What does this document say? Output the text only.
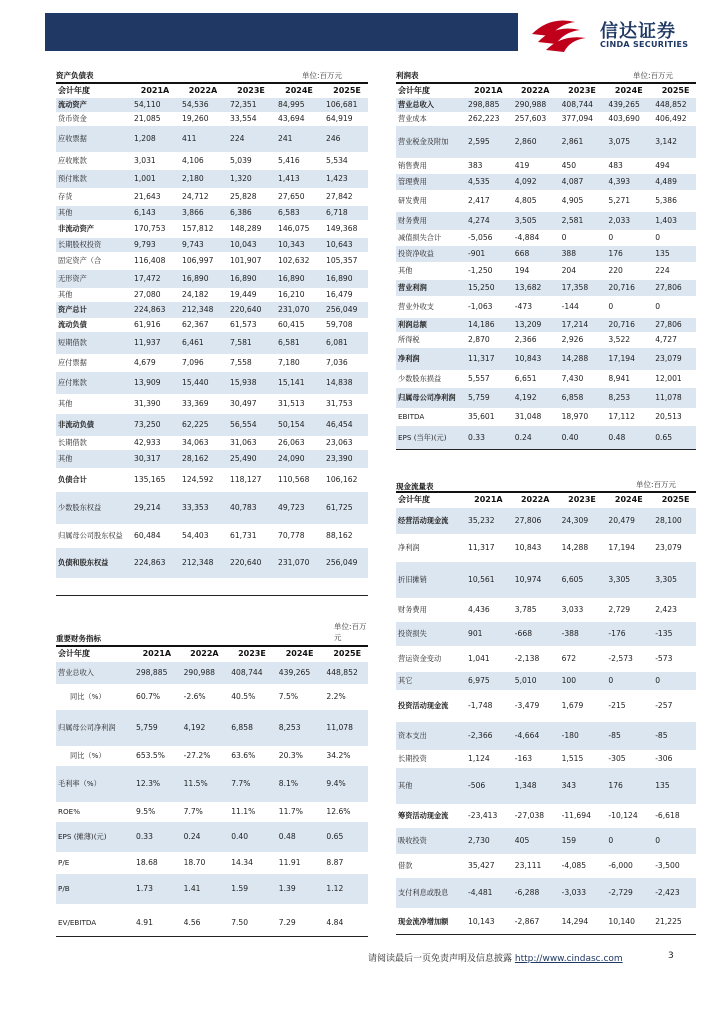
信达证券
CINDA SECURITIES
资产负债表	单位:百万元
会计年度	2021A	2022A	2023E	2024E	2025E
流动资产	54,110	54,536	72,351	84,995	106,681
货币资金	21,085	19,260	33,554	43,694	64,919
应收票据	1,208	411	224	241	246
应收账款	3,031	4,106	5,039	5,416	5,534
预付账款	1,001	2,180	1,320	1,413	1,423
存货	21,643	24,712	25,828	27,650	27,842
其他	6,143	3,866	6,386	6,583	6,718
非流动资产	170,753	157,812	148,289	146,075	149,368
长期股权投资	9,793	9,743	10,043	10,343	10,643
固定资产（合	116,408	106,997	101,907	102,632	105,357
无形资产	17,472	16,890	16,890	16,890	16,890
其他	27,080	24,182	19,449	16,210	16,479
资产总计	224,863	212,348	220,640	231,070	256,049
流动负债	61,916	62,367	61,573	60,415	59,708
短期借款	11,937	6,461	7,581	6,581	6,081
应付票据	4,679	7,096	7,558	7,180	7,036
应付账款	13,909	15,440	15,938	15,141	14,838
其他	31,390	33,369	30,497	31,513	31,753
非流动负债	73,250	62,225	56,554	50,154	46,454
长期借款	42,933	34,063	31,063	26,063	23,063
其他	30,317	28,162	25,490	24,090	23,390
负债合计	135,165	124,592	118,127	110,568	106,162
少数股东权益	29,214	33,353	40,783	49,723	61,725
归属母公司股东权益	60,484	54,403	61,731	70,778	88,162
负债和股东权益	224,863	212,348	220,640	231,070	256,049
单位:百万元
重要财务指标
会计年度	2021A	2022A	2023E	2024E	2025E
营业总收入	298,885	290,988	408,744	439,265	448,852
同比（%）	60.7%	-2.6%	40.5%	7.5%	2.2%
归属母公司净利润	5,759	4,192	6,858	8,253	11,078
同比（%）	653.5%	-27.2%	63.6%	20.3%	34.2%
毛利率（%）	12.3%	11.5%	7.7%	8.1%	9.4%
ROE%	9.5%	7.7%	11.1%	11.7%	12.6%
EPS (摊薄)(元)	0.33	0.24	0.40	0.48	0.65
P/E	18.68	18.70	14.34	11.91	8.87
P/B	1.73	1.41	1.59	1.39	1.12
EV/EBITDA	4.91	4.56	7.50	7.29	4.84
利润表	单位:百万元
会计年度	2021A	2022A	2023E	2024E	2025E
营业总收入	298,885	290,988	408,744	439,265	448,852
营业成本	262,223	257,603	377,094	403,690	406,492
营业税金及附加	2,595	2,860	2,861	3,075	3,142
销售费用	383	419	450	483	494
管理费用	4,535	4,092	4,087	4,393	4,489
研发费用	2,417	4,805	4,905	5,271	5,386
财务费用	4,274	3,505	2,581	2,033	1,403
减值损失合计	-5,056	-4,884	0	0	0
投资净收益	-901	668	388	176	135
其他	-1,250	194	204	220	224
营业利润	15,250	13,682	17,358	20,716	27,806
营业外收支	-1,063	-473	-144	0	0
利润总额	14,186	13,209	17,214	20,716	27,806
所得税	2,870	2,366	2,926	3,522	4,727
净利润	11,317	10,843	14,288	17,194	23,079
少数股东损益	5,557	6,651	7,430	8,941	12,001
归属母公司净利润	5,759	4,192	6,858	8,253	11,078
EBITDA	35,601	31,048	18,970	17,112	20,513
EPS (当年)(元)	0.33	0.24	0.40	0.48	0.65
现金流量表	单位:百万元
会计年度	2021A	2022A	2023E	2024E	2025E
经营活动现金流	35,232	27,806	24,309	20,479	28,100
净利润	11,317	10,843	14,288	17,194	23,079
折旧摊销	10,561	10,974	6,605	3,305	3,305
财务费用	4,436	3,785	3,033	2,729	2,423
投资损失	901	-668	-388	-176	-135
营运资金变动	1,041	-2,138	672	-2,573	-573
其它	6,975	5,010	100	0	0
投资活动现金流	-1,748	-3,479	1,679	-215	-257
资本支出	-2,366	-4,664	-180	-85	-85
长期投资	1,124	-163	1,515	-305	-306
其他	-506	1,348	343	176	135
筹资活动现金流	-23,413	-27,038	-11,694	-10,124	-6,618
吸收投资	2,730	405	159	0	0
借款	35,427	23,111	-4,085	-6,000	-3,500
支付利息或股息	-4,481	-6,288	-3,033	-2,729	-2,423
现金流净增加额	10,143	-2,867	14,294	10,140	21,225
请阅读最后一页免责声明及信息披露 http://www.cindasc.com	3
